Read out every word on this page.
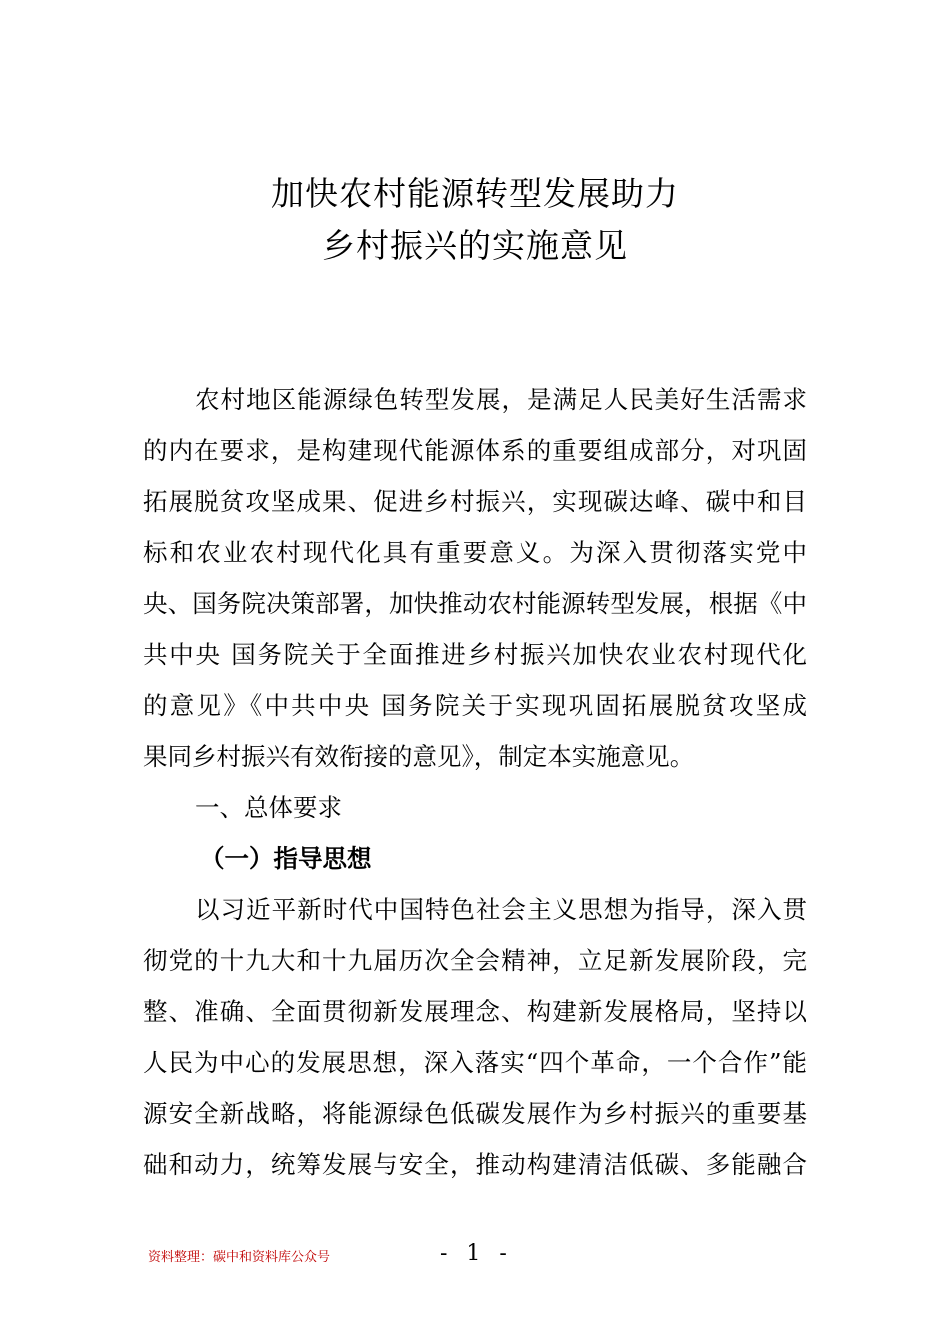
加快农村能源转型发展助力
乡村振兴的实施意见
农村地区能源绿色转型发展，是满足人民美好生活需求
的内在要求，是构建现代能源体系的重要组成部分，对巩固
拓展脱贫攻坚成果、促进乡村振兴，实现碳达峰、碳中和目
标和农业农村现代化具有重要意义。为深入贯彻落实党中
央、国务院决策部署，加快推动农村能源转型发展，根据《中
共中央 国务院关于全面推进乡村振兴加快农业农村现代化
的意见》《中共中央 国务院关于实现巩固拓展脱贫攻坚成
果同乡村振兴有效衔接的意见》，制定本实施意见。
一、总体要求
（一）指导思想
以习近平新时代中国特色社会主义思想为指导，深入贯
彻党的十九大和十九届历次全会精神，立足新发展阶段，完
整、准确、全面贯彻新发展理念、构建新发展格局，坚持以
人民为中心的发展思想，深入落实“四个革命，一个合作”能
源安全新战略，将能源绿色低碳发展作为乡村振兴的重要基
础和动力，统筹发展与安全，推动构建清洁低碳、多能融合
资料整理：碳中和资料库公众号	- 1 -
